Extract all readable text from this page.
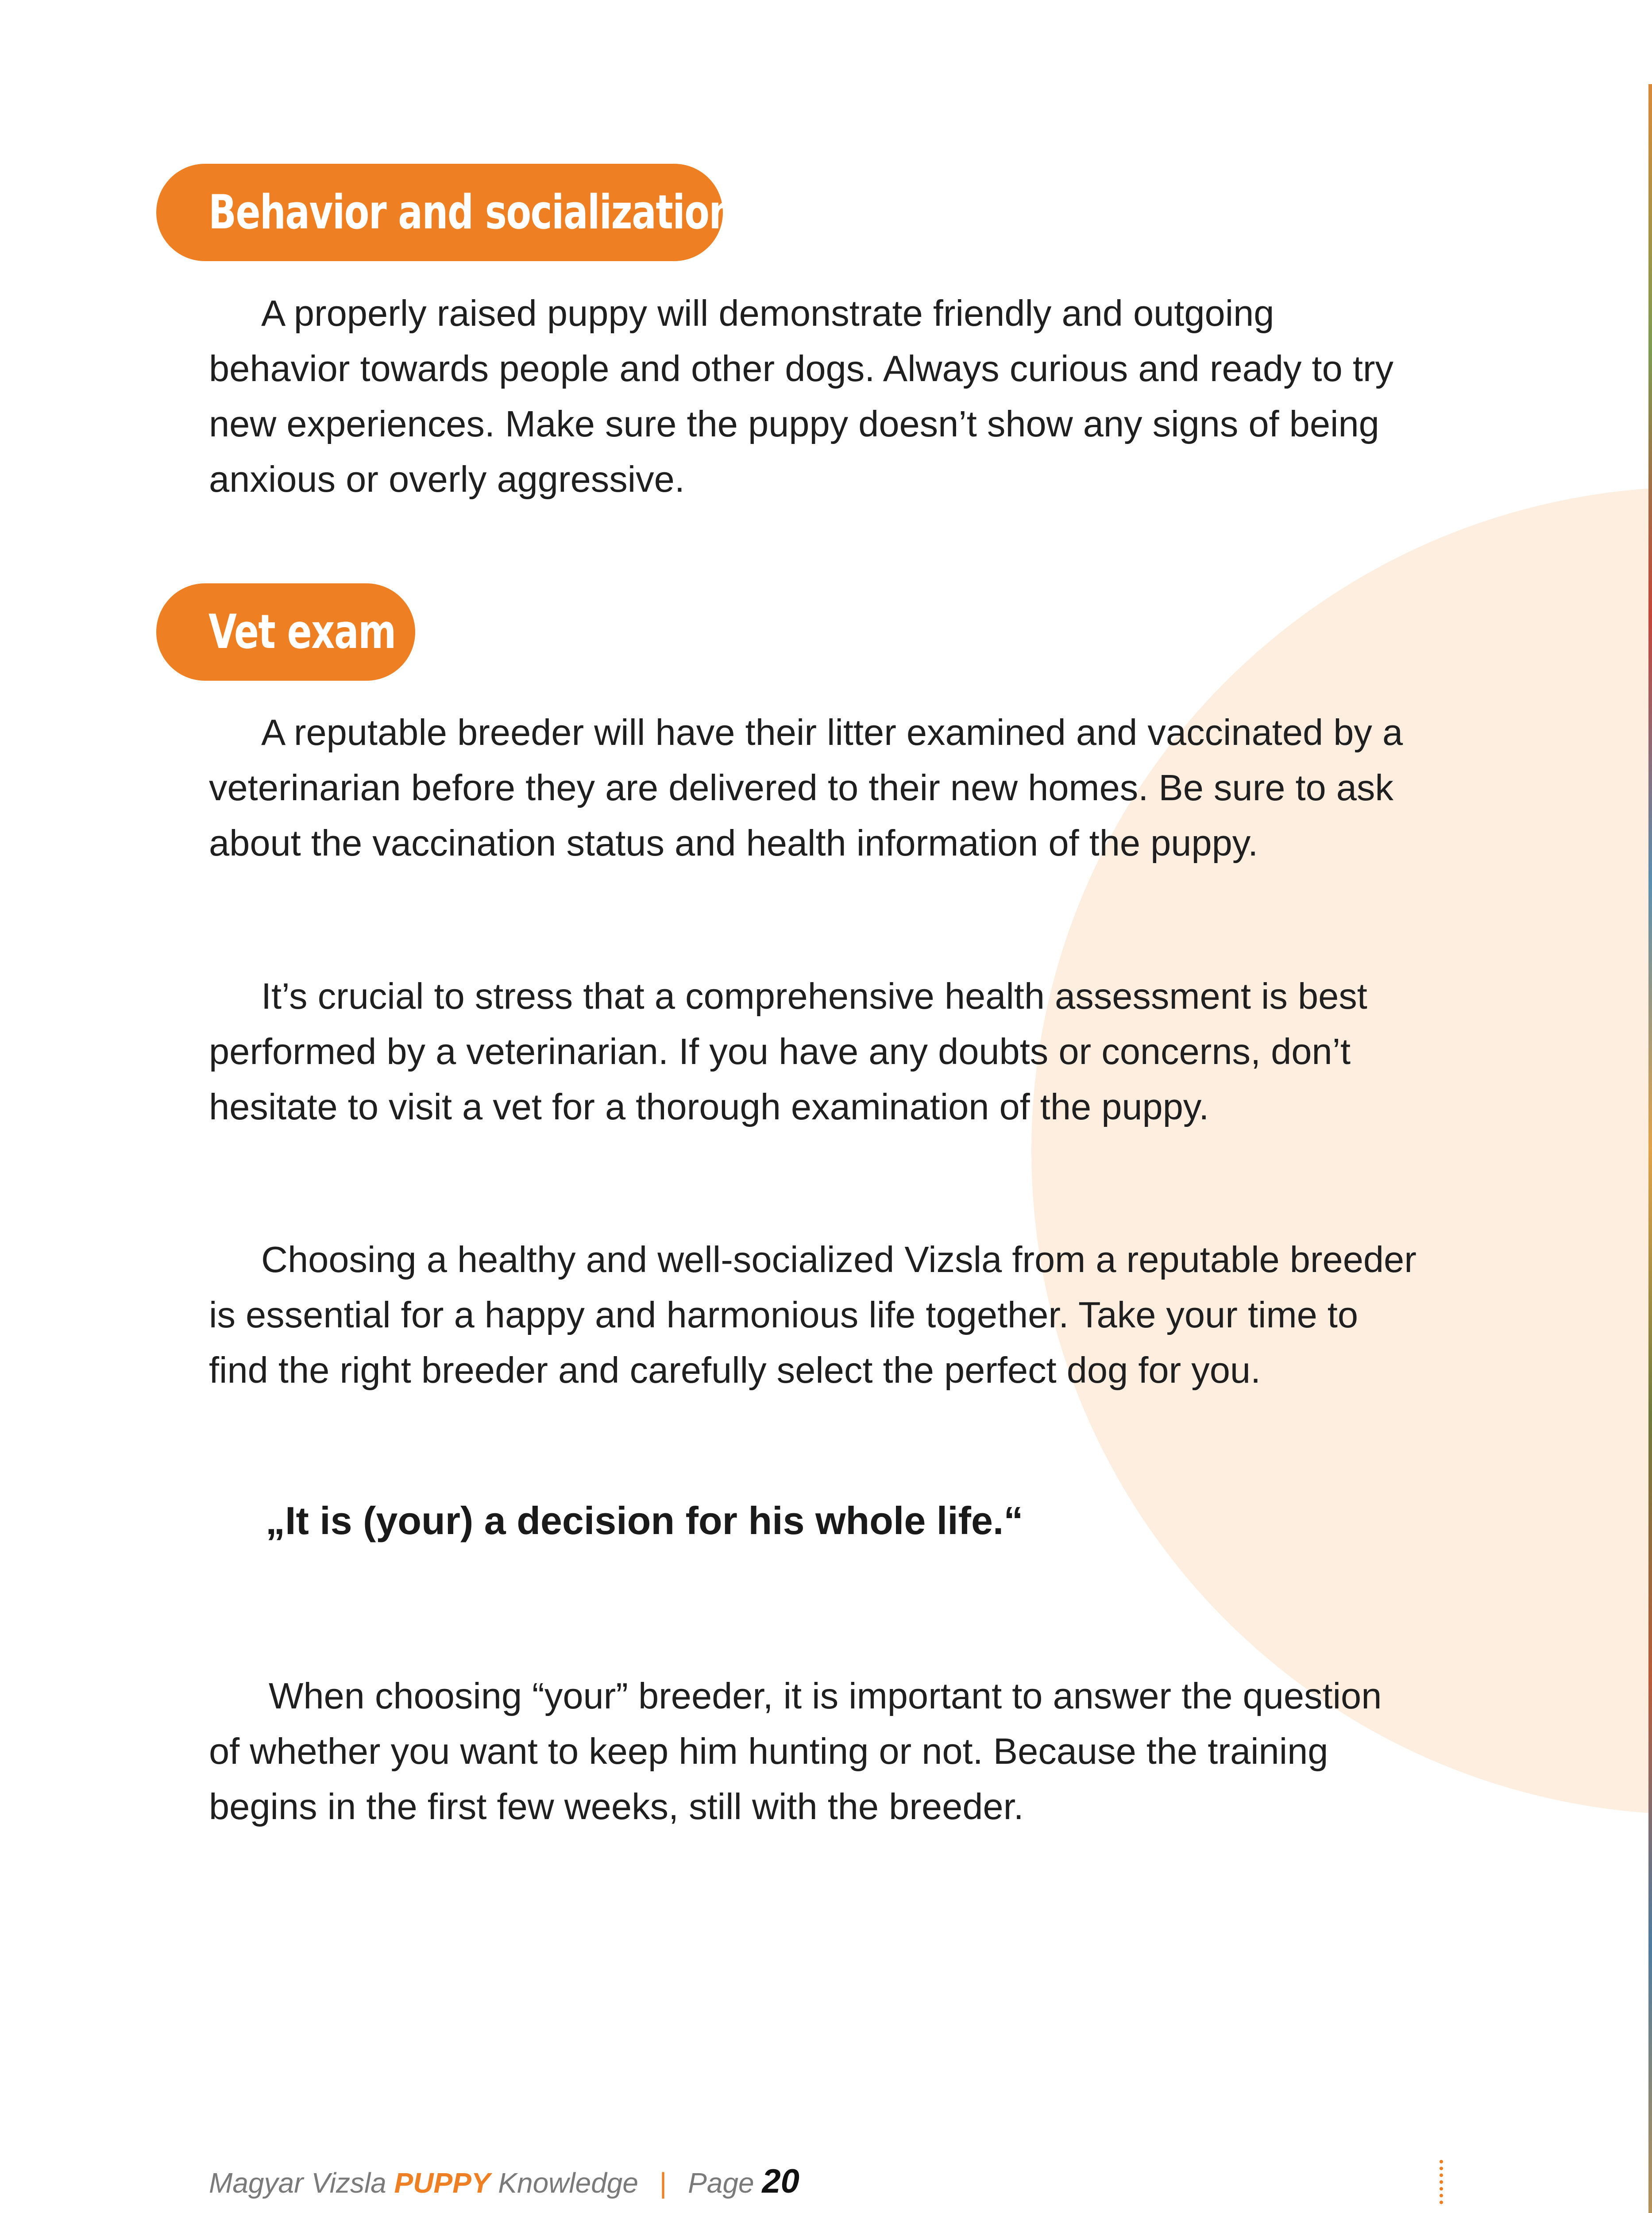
Behavior and socialization

A properly raised puppy will demonstrate friendly and outgoing behavior towards people and other dogs. Always curious and ready to try new experiences. Make sure the puppy doesn’t show any signs of being anxious or overly aggressive.

Vet exam

A reputable breeder will have their litter examined and vaccinated by a veterinarian before they are delivered to their new homes. Be sure to ask about the vaccination status and health information of the puppy.

It’s crucial to stress that a comprehensive health assessment is best performed by a veterinarian. If you have any doubts or concerns, don’t hesitate to visit a vet for a thorough examination of the puppy.

Choosing a healthy and well-socialized Vizsla from a reputable breeder is essential for a happy and harmonious life together. Take your time to find the right breeder and carefully select the perfect dog for you.

„It is (your) a decision for his whole life.“

When choosing “your” breeder, it is important to answer the question of whether you want to keep him hunting or not. Because the training begins in the first few weeks, still with the breeder.

Magyar Vizsla PUPPY Knowledge | Page 20
